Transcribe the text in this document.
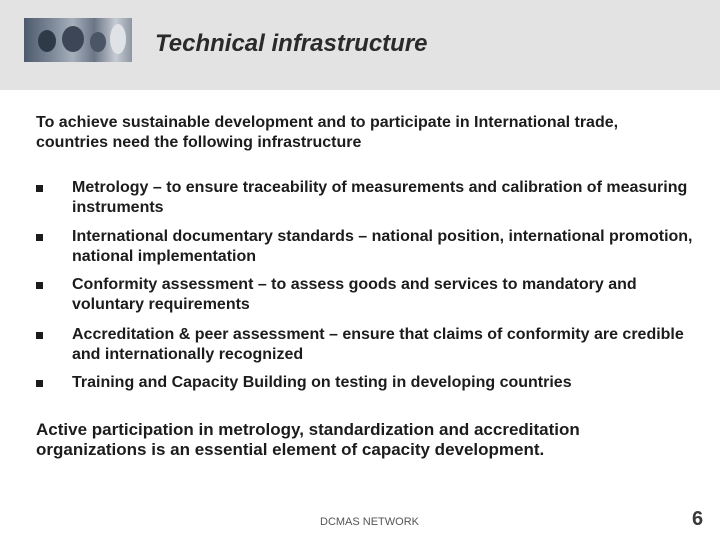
Technical infrastructure
To achieve sustainable development and to participate in International trade, countries need the following infrastructure
Metrology – to ensure traceability of measurements and calibration of measuring instruments
International documentary standards – national position, international promotion, national implementation
Conformity assessment – to assess goods and services to mandatory and voluntary requirements
Accreditation & peer assessment – ensure that claims of conformity are credible and internationally recognized
Training and Capacity Building on testing in developing countries
Active participation in metrology, standardization and accreditation organizations is an essential element of capacity development.
DCMAS NETWORK	6
